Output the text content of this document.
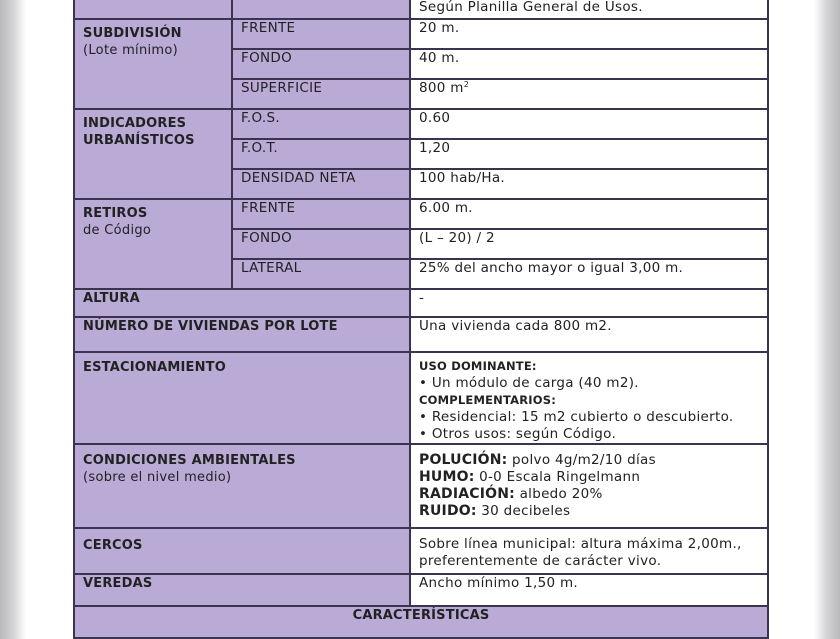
		Según Planilla General de Usos.
SUBDIVISIÓN
(Lote mínimo)	FRENTE	20 m.
	FONDO	40 m.
	SUPERFICIE	800 $m^2$
INDICADORES URBANÍSTICOS	F.O.S.	0.60
	F.O.T.	1,20
	DENSIDAD NETA	100 hab/Ha.
RETIROS
de Código	FRENTE	6.00 m.
	FONDO	(L – 20) / 2
	LATERAL	25% del ancho mayor o igual 3,00 m.
ALTURA		-
NÚMERO DE VIVIENDAS POR LOTE		Una vivienda cada 800 m2.
ESTACIONAMIENTO		USO DOMINANTE:
• Un módulo de carga (40 m2).
COMPLEMENTARIOS:
• Residencial: 15 m2 cubierto o descubierto.
• Otros usos: según Código.

CONDICIONES AMBIENTALES
(sobre el nivel medio)		POLUCIÓN: polvo 4g/m2/10 días
HUMO: 0-0 Escala Ringelmann
RADIACIÓN: albedo 20%
RUIDO: 30 decibeles

CERCOS		Sobre línea municipal: altura máxima 2,00m., preferentemente de carácter vivo.
VEREDAS		Ancho mínimo 1,50 m.
CARACTERÍSTICAS		
